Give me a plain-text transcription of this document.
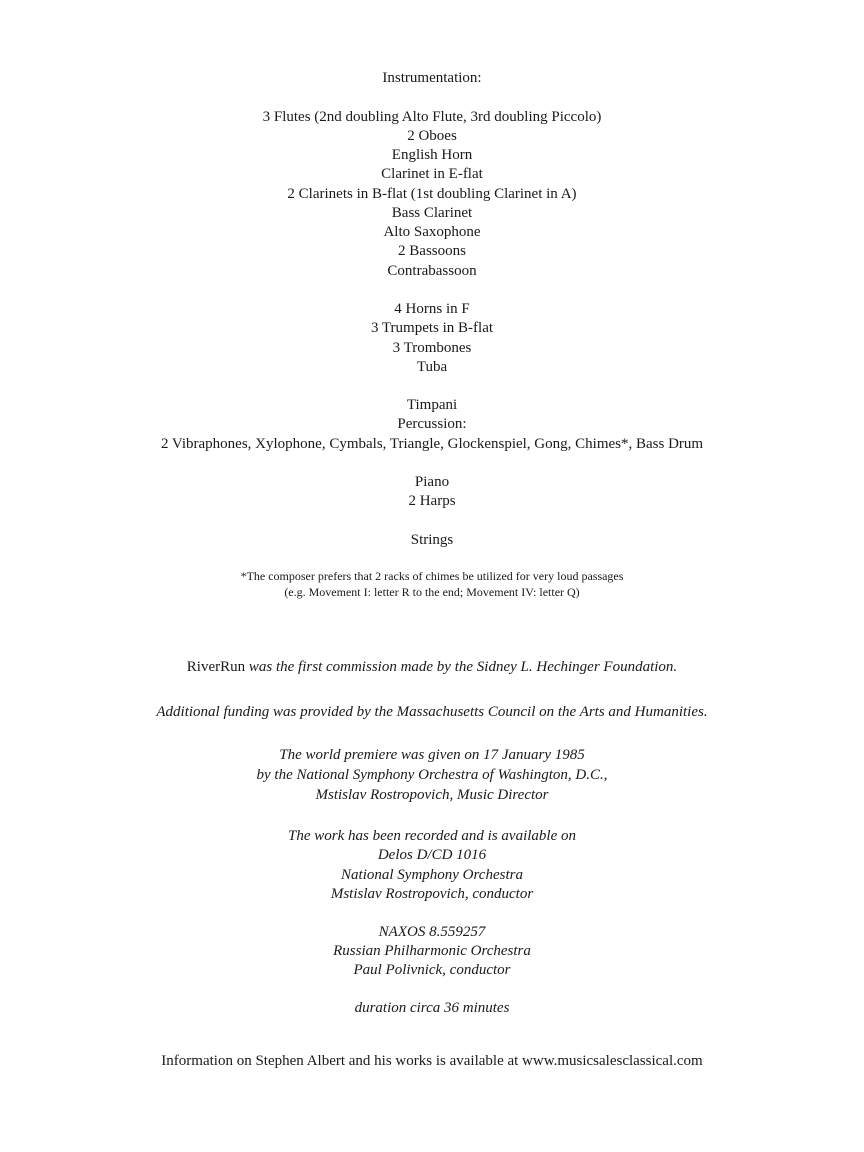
Instrumentation:
3 Flutes (2nd doubling Alto Flute, 3rd doubling Piccolo)
2 Oboes
English Horn
Clarinet in E-flat
2 Clarinets in B-flat (1st doubling Clarinet in A)
Bass Clarinet
Alto Saxophone
2 Bassoons
Contrabassoon
4 Horns in F
3 Trumpets in B-flat
3 Trombones
Tuba
Timpani
Percussion:
2 Vibraphones, Xylophone, Cymbals, Triangle, Glockenspiel, Gong, Chimes*, Bass Drum
Piano
2 Harps
Strings
*The composer prefers that 2 racks of chimes be utilized for very loud passages
(e.g. Movement I: letter R to the end; Movement IV: letter Q)
RiverRun was the first commission made by the Sidney L. Hechinger Foundation.
Additional funding was provided by the Massachusetts Council on the Arts and Humanities.
The world premiere was given on 17 January 1985
by the National Symphony Orchestra of Washington, D.C.,
Mstislav Rostropovich, Music Director
The work has been recorded and is available on
Delos D/CD 1016
National Symphony Orchestra
Mstislav Rostropovich, conductor
NAXOS 8.559257
Russian Philharmonic Orchestra
Paul Polivnick, conductor
duration circa 36 minutes
Information on Stephen Albert and his works is available at www.musicsalesclassical.com
